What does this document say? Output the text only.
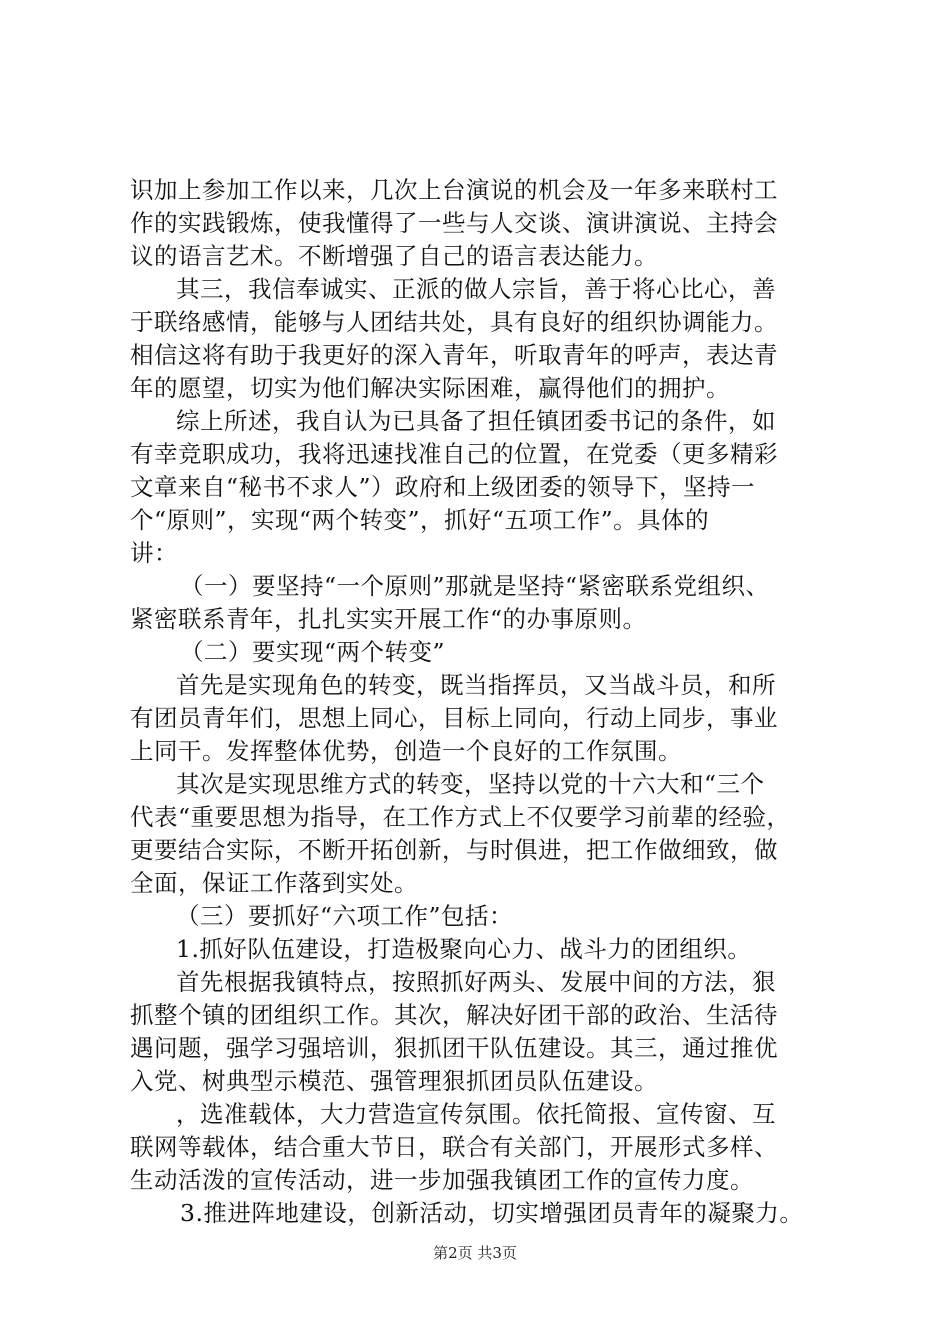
识加上参加工作以来，几次上台演说的机会及一年多来联村工
作的实践锻炼，使我懂得了一些与人交谈、演讲演说、主持会
议的语言艺术。不断增强了自己的语言表达能力。
其三，我信奉诚实、正派的做人宗旨，善于将心比心，善
于联络感情，能够与人团结共处，具有良好的组织协调能力。
相信这将有助于我更好的深入青年，听取青年的呼声，表达青
年的愿望，切实为他们解决实际困难，赢得他们的拥护。
综上所述，我自认为已具备了担任镇团委书记的条件，如
有幸竞职成功，我将迅速找准自己的位置，在党委（更多精彩
文章来自“秘书不求人”）政府和上级团委的领导下，坚持一
个“原则”，实现“两个转变”，抓好“五项工作”。具体的
讲：
（一）要坚持“一个原则”那就是坚持“紧密联系党组织、
紧密联系青年，扎扎实实开展工作“的办事原则。
（二）要实现“两个转变”
首先是实现角色的转变，既当指挥员，又当战斗员，和所
有团员青年们，思想上同心，目标上同向，行动上同步，事业
上同干。发挥整体优势，创造一个良好的工作氛围。
其次是实现思维方式的转变，坚持以党的十六大和“三个
代表“重要思想为指导，在工作方式上不仅要学习前辈的经验，
更要结合实际，不断开拓创新，与时俱进，把工作做细致，做
全面，保证工作落到实处。
（三）要抓好“六项工作”包括：
1.抓好队伍建设，打造极聚向心力、战斗力的团组织。
首先根据我镇特点，按照抓好两头、发展中间的方法，狠
抓整个镇的团组织工作。其次，解决好团干部的政治、生活待
遇问题，强学习强培训，狠抓团干队伍建设。其三，通过推优
入党、树典型示模范、强管理狠抓团员队伍建设。
，选准载体，大力营造宣传氛围。依托简报、宣传窗、互
联网等载体，结合重大节日，联合有关部门，开展形式多样、
生动活泼的宣传活动，进一步加强我镇团工作的宣传力度。
3.推进阵地建设，创新活动，切实增强团员青年的凝聚力。
第2页 共3页
